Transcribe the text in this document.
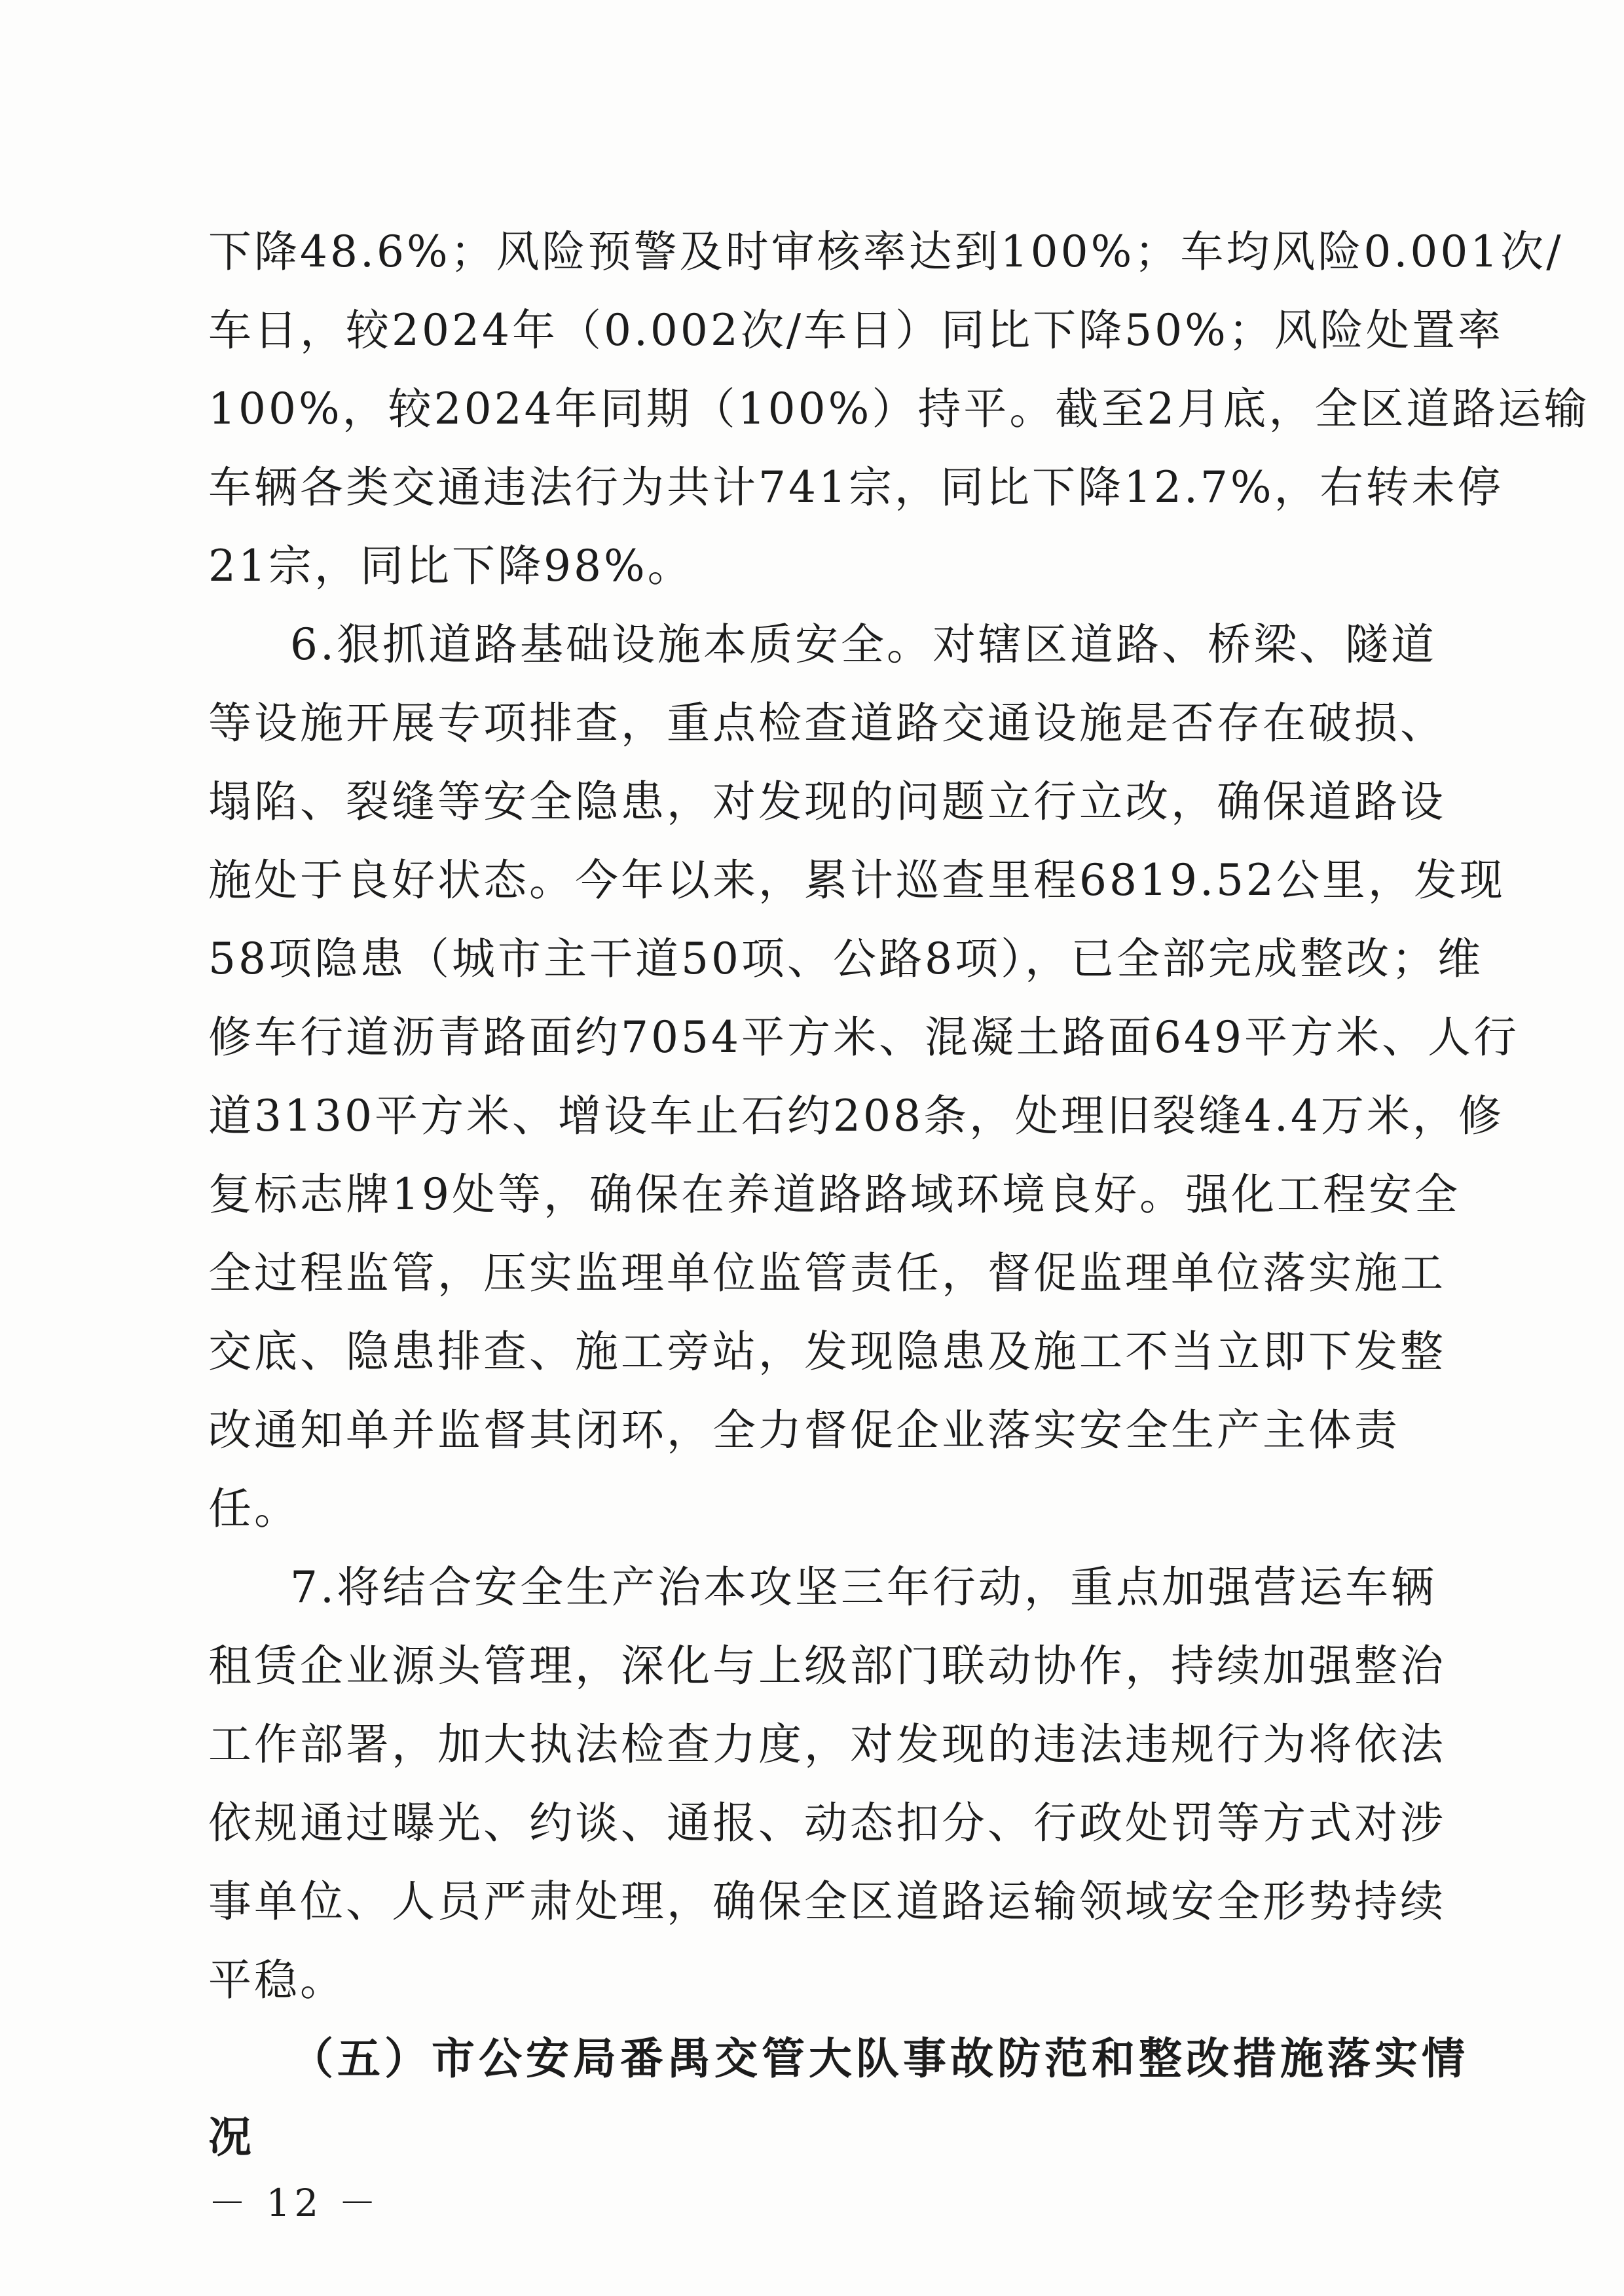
下降48.6%；风险预警及时审核率达到100%；车均风险0.001次/
车日，较2024年（0.002次/车日）同比下降50%；风险处置率
100%，较2024年同期（100%）持平。截至2月底，全区道路运输
车辆各类交通违法行为共计741宗，同比下降12.7%，右转未停
21宗，同比下降98%。
6.狠抓道路基础设施本质安全。对辖区道路、桥梁、隧道
等设施开展专项排查，重点检查道路交通设施是否存在破损、
塌陷、裂缝等安全隐患，对发现的问题立行立改，确保道路设
施处于良好状态。今年以来，累计巡查里程6819.52公里，发现
58项隐患（城市主干道50项、公路8项），已全部完成整改；维
修车行道沥青路面约7054平方米、混凝土路面649平方米、人行
道3130平方米、增设车止石约208条，处理旧裂缝4.4万米，修
复标志牌19处等，确保在养道路路域环境良好。强化工程安全
全过程监管，压实监理单位监管责任，督促监理单位落实施工
交底、隐患排查、施工旁站，发现隐患及施工不当立即下发整
改通知单并监督其闭环，全力督促企业落实安全生产主体责
任。
7.将结合安全生产治本攻坚三年行动，重点加强营运车辆
租赁企业源头管理，深化与上级部门联动协作，持续加强整治
工作部署，加大执法检查力度，对发现的违法违规行为将依法
依规通过曝光、约谈、通报、动态扣分、行政处罚等方式对涉
事单位、人员严肃处理，确保全区道路运输领域安全形势持续
平稳。
（五）市公安局番禺交管大队事故防范和整改措施落实情
况
－ 12 －
